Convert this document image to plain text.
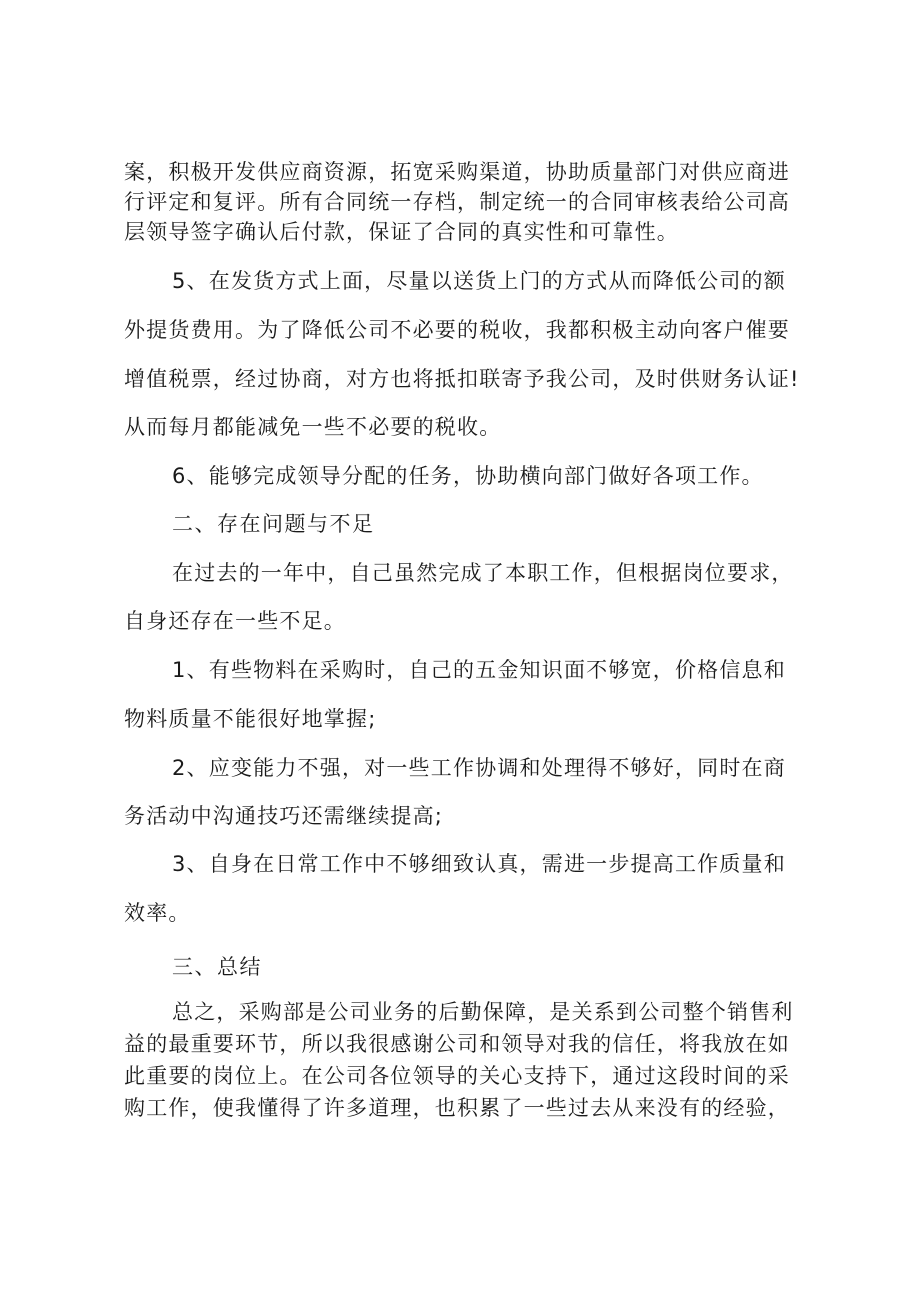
案，积极开发供应商资源，拓宽采购渠道，协助质量部门对供应商进
行评定和复评。所有合同统一存档，制定统一的合同审核表给公司高
层领导签字确认后付款，保证了合同的真实性和可靠性。
5、在发货方式上面，尽量以送货上门的方式从而降低公司的额
外提货费用。为了降低公司不必要的税收，我都积极主动向客户催要
增值税票，经过协商，对方也将抵扣联寄予我公司，及时供财务认证!
从而每月都能减免一些不必要的税收。
6、能够完成领导分配的任务，协助横向部门做好各项工作。
二、存在问题与不足
在过去的一年中，自己虽然完成了本职工作，但根据岗位要求，
自身还存在一些不足。
1、有些物料在采购时，自己的五金知识面不够宽，价格信息和
物料质量不能很好地掌握;
2、应变能力不强，对一些工作协调和处理得不够好，同时在商
务活动中沟通技巧还需继续提高;
3、自身在日常工作中不够细致认真，需进一步提高工作质量和
效率。
三、总结
总之，采购部是公司业务的后勤保障，是关系到公司整个销售利
益的最重要环节，所以我很感谢公司和领导对我的信任，将我放在如
此重要的岗位上。在公司各位领导的关心支持下，通过这段时间的采
购工作，使我懂得了许多道理，也积累了一些过去从来没有的经验，
